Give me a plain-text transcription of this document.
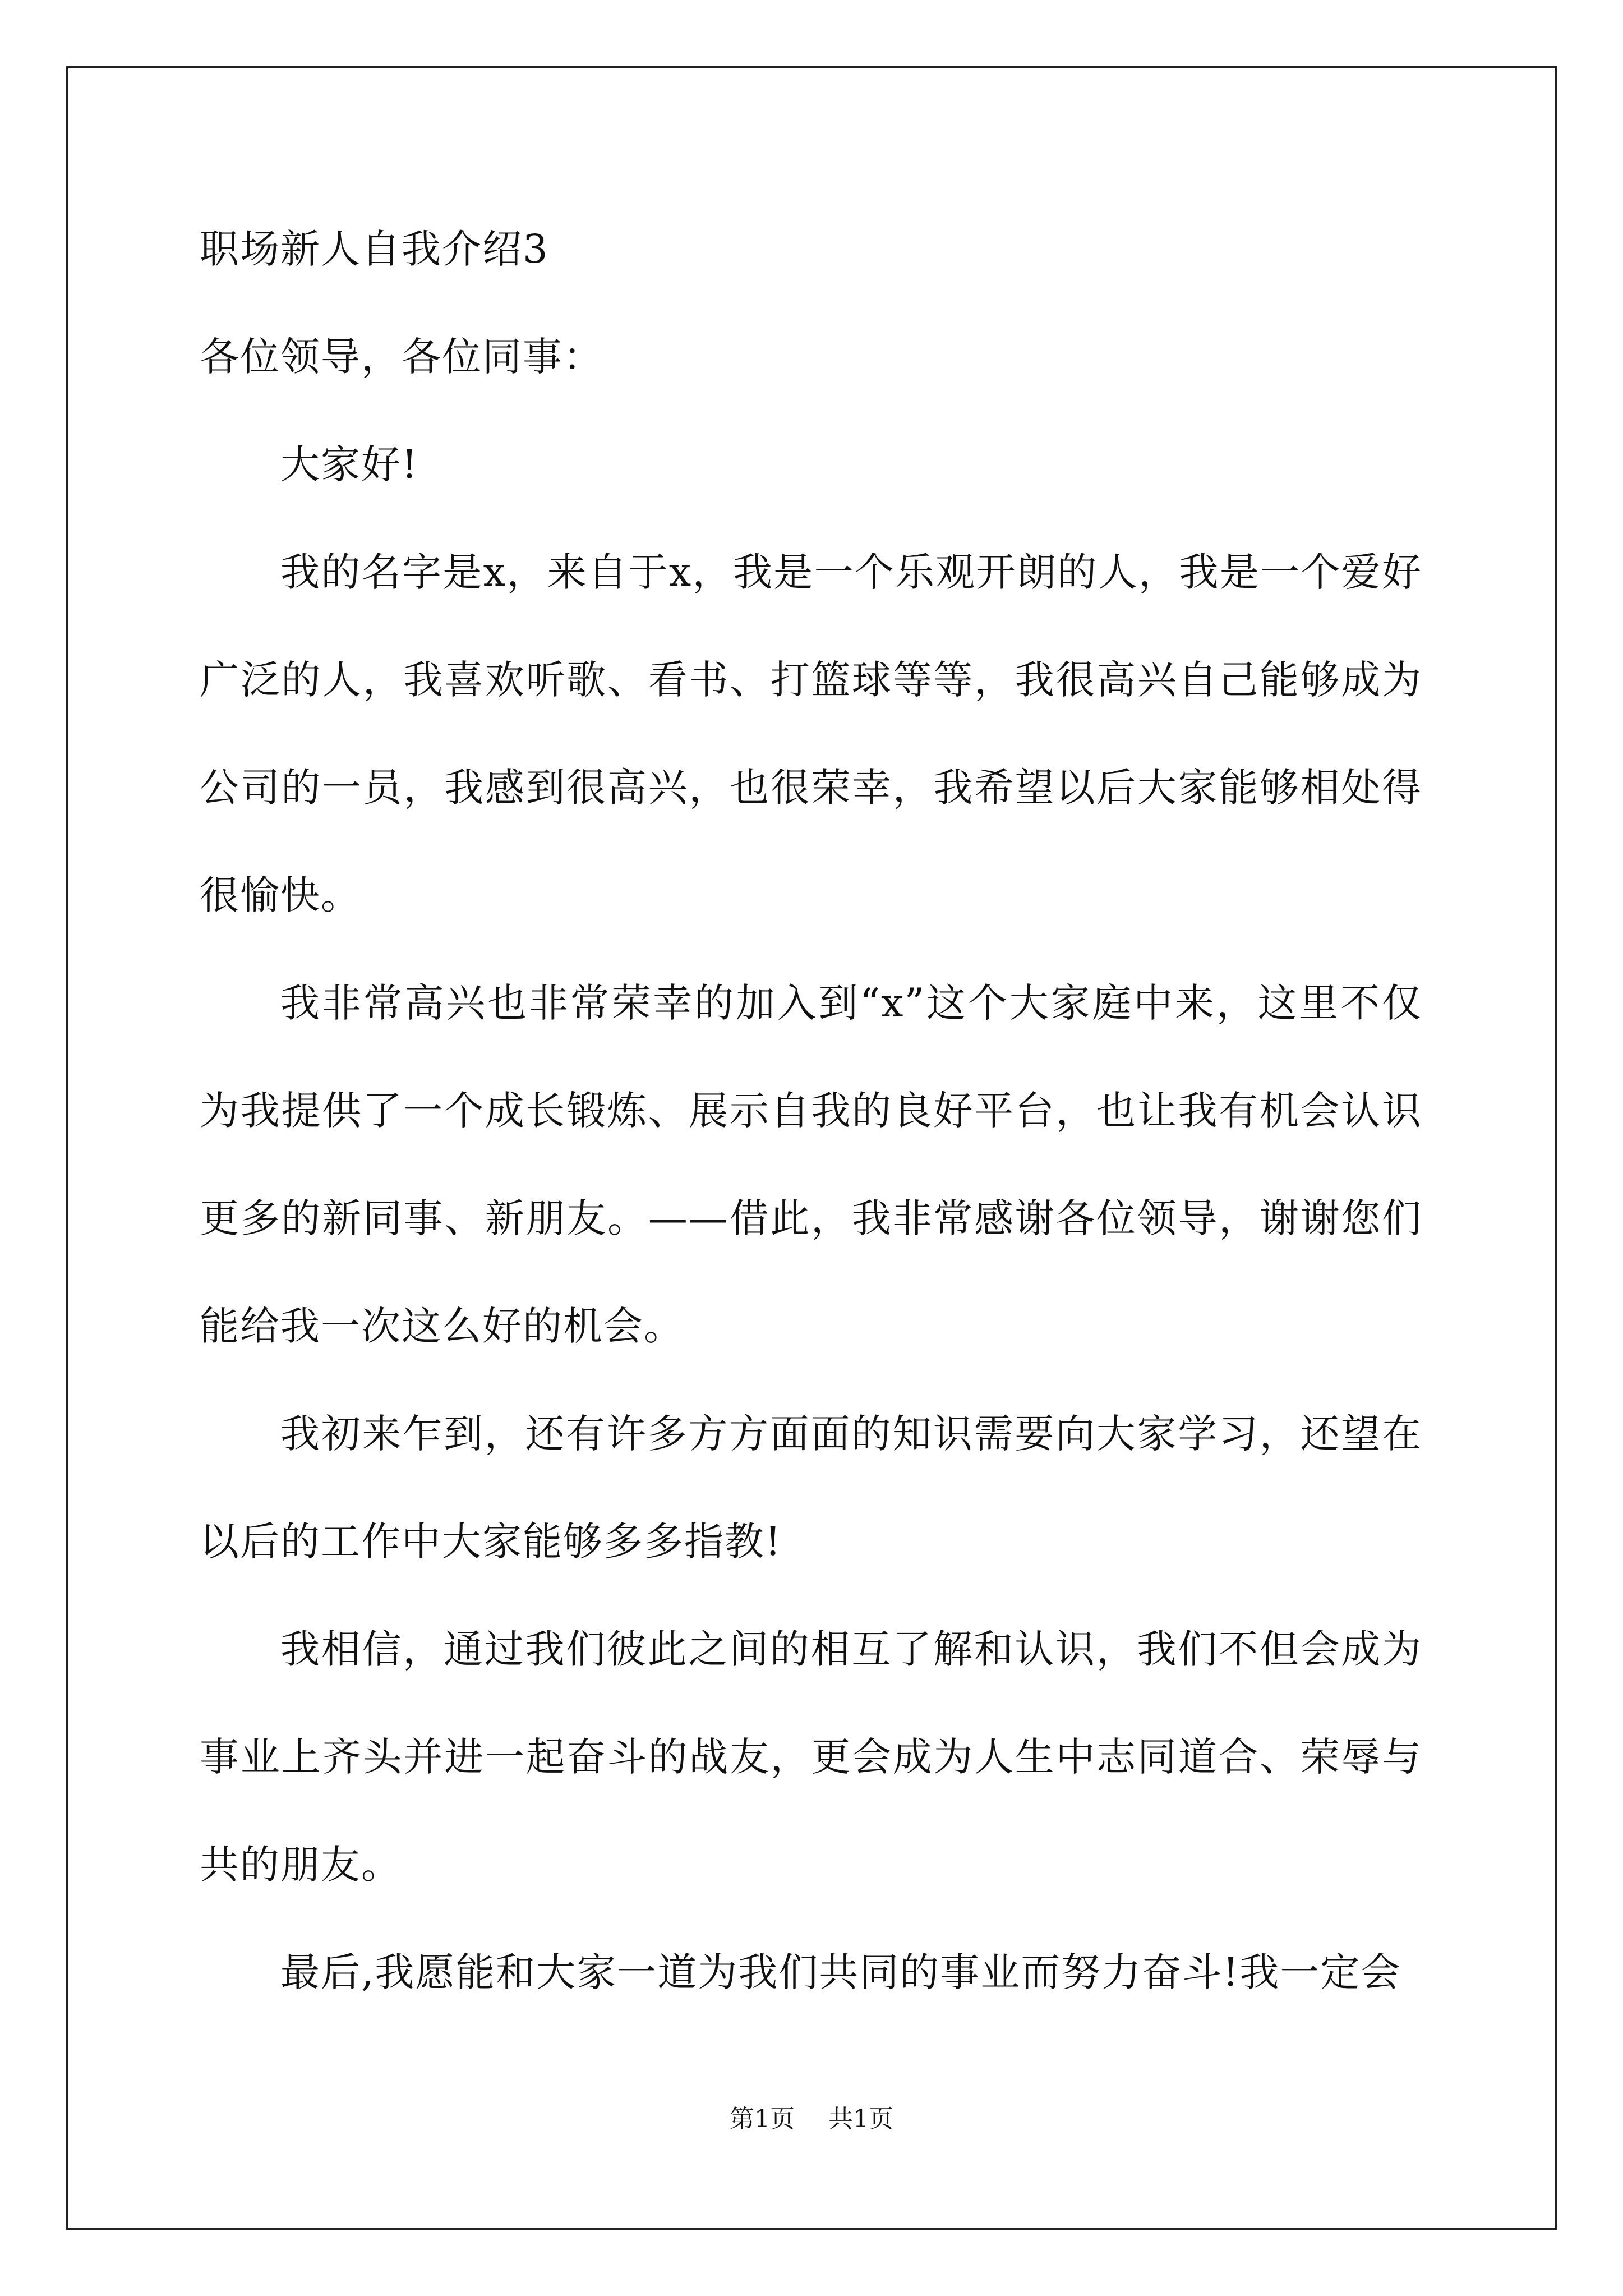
职场新人自我介绍3
各位领导，各位同事：
大家好!
我的名字是x，来自于x，我是一个乐观开朗的人，我是一个爱好
广泛的人，我喜欢听歌、看书、打篮球等等，我很高兴自己能够成为
公司的一员，我感到很高兴，也很荣幸，我希望以后大家能够相处得
很愉快。
我非常高兴也非常荣幸的加入到“x”这个大家庭中来，这里不仅
为我提供了一个成长锻炼、展示自我的良好平台，也让我有机会认识
更多的新同事、新朋友。——借此，我非常感谢各位领导，谢谢您们
能给我一次这么好的机会。
我初来乍到，还有许多方方面面的知识需要向大家学习，还望在
以后的工作中大家能够多多指教!
我相信，通过我们彼此之间的相互了解和认识，我们不但会成为
事业上齐头并进一起奋斗的战友，更会成为人生中志同道合、荣辱与
共的朋友。
最后,我愿能和大家一道为我们共同的事业而努力奋斗!我一定会
第1页 共1页
